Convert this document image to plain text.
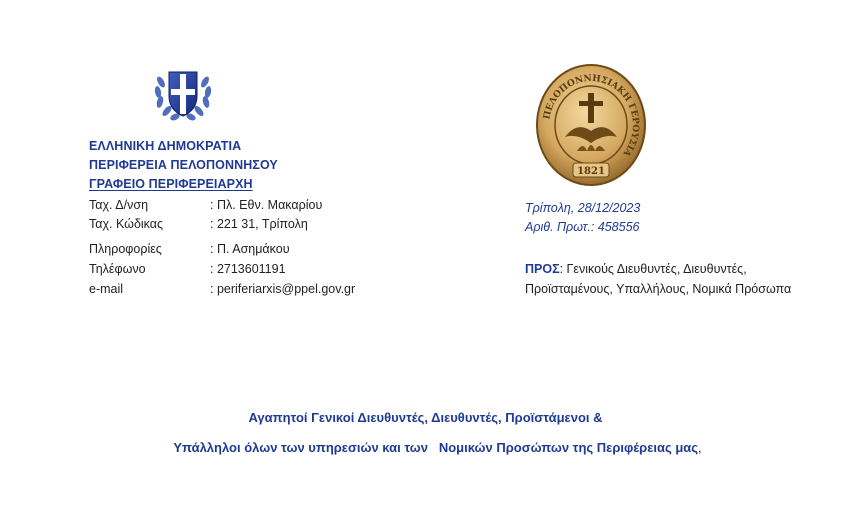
ΠΕΛΟΠΟΝΝΗΣΙΑΚΗ ΓΕΡΟΥΣΙΑ
1821
ΕΛΛΗΝΙΚΗ ΔΗΜΟΚΡΑΤΙΑ
ΠΕΡΙΦΕΡΕΙΑ ΠΕΛΟΠΟΝΝΗΣΟΥ
ΓΡΑΦΕΙΟ ΠΕΡΙΦΕΡΕΙΑΡΧΗ
Ταχ. Δ/νση	: Πλ. Εθν. Μακαρίου
Ταχ. Κώδικας	: 221 31, Τρίπολη
Πληροφορίες	: Π. Ασημάκου
Τηλέφωνο	: 2713601191
e-mail	: periferiarxis@ppel.gov.gr
Τρίπολη, 28/12/2023
Αριθ. Πρωτ.: 458556
ΠΡΟΣ: Γενικούς Διευθυντές, Διευθυντές,
Προϊσταμένους, Υπαλλήλους, Νομικά Πρόσωπα
Αγαπητοί Γενικοί Διευθυντές, Διευθυντές, Προϊστάμενοι &
Υπάλληλοι όλων των υπηρεσιών και των   Νομικών Προσώπων της Περιφέρειας μας,
